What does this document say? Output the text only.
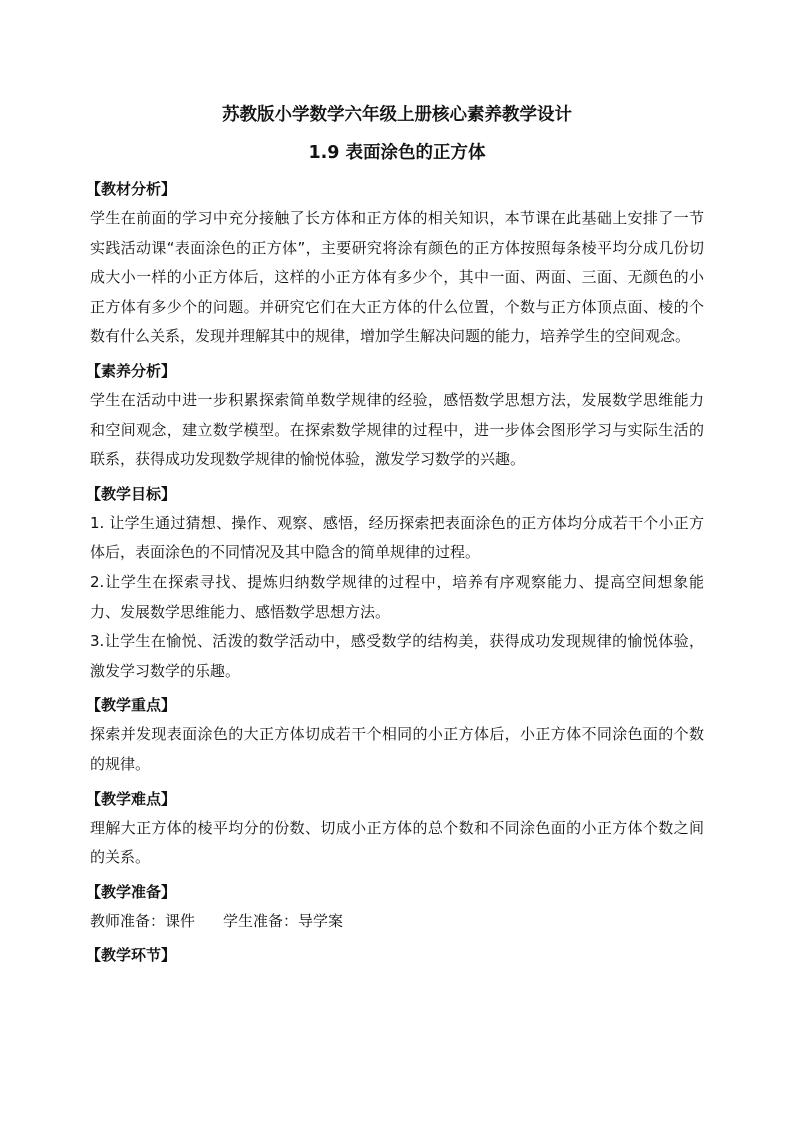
苏教版小学数学六年级上册核心素养教学设计
1.9 表面涂色的正方体
【教材分析】

学生在前面的学习中充分接触了长方体和正方体的相关知识，本节课在此基础上安排了一节实践活动课“表面涂色的正方体”，主要研究将涂有颜色的正方体按照每条棱平均分成几份切成大小一样的小正方体后，这样的小正方体有多少个，其中一面、两面、三面、无颜色的小正方体有多少个的问题。并研究它们在大正方体的什么位置，个数与正方体顶点面、棱的个数有什么关系，发现并理解其中的规律，增加学生解决问题的能力，培养学生的空间观念。

【素养分析】

学生在活动中进一步积累探索简单数学规律的经验，感悟数学思想方法，发展数学思维能力和空间观念，建立数学模型。在探索数学规律的过程中，进一步体会图形学习与实际生活的联系，获得成功发现数学规律的愉悦体验，激发学习数学的兴趣。

【教学目标】

1. 让学生通过猜想、操作、观察、感悟，经历探索把表面涂色的正方体均分成若干个小正方体后，表面涂色的不同情况及其中隐含的简单规律的过程。

2.让学生在探索寻找、提炼归纳数学规律的过程中，培养有序观察能力、提高空间想象能力、发展数学思维能力、感悟数学思想方法。

3.让学生在愉悦、活泼的数学活动中，感受数学的结构美，获得成功发现规律的愉悦体验，激发学习数学的乐趣。

【教学重点】

探索并发现表面涂色的大正方体切成若干个相同的小正方体后，小正方体不同涂色面的个数的规律。

【教学难点】

理解大正方体的棱平均分的份数、切成小正方体的总个数和不同涂色面的小正方体个数之间的关系。

【教学准备】

教师准备：课件 学生准备：导学案

【教学环节】
